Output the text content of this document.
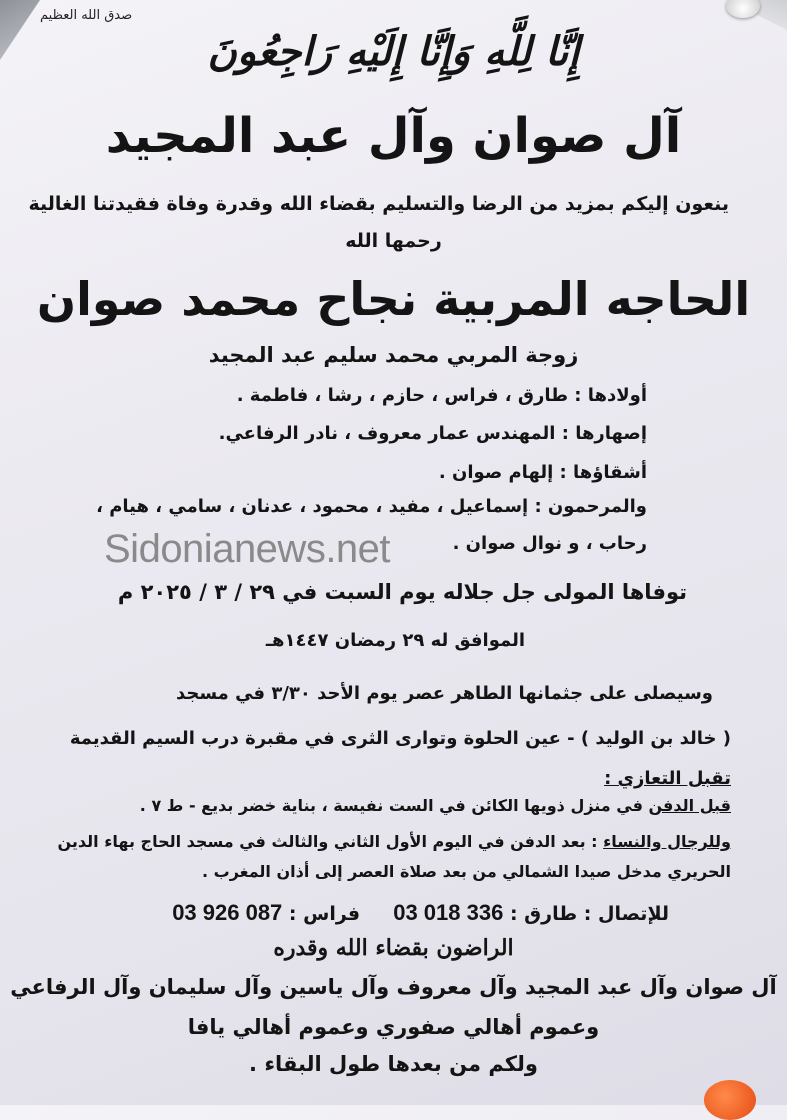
صدق الله العظيم
إِنَّا لِلَّهِ وَإِنَّا إِلَيْهِ رَاجِعُونَ
آل صوان وآل عبد المجيد
ينعون إليكم بمزيد من الرضا والتسليم بقضاء الله وقدرة وفاة فقيدتنا الغالية
رحمها الله
الحاجه المربية نجاح محمد صوان
زوجة المربي محمد سليم عبد المجيد
أولادها : طارق ، فراس ، حازم ، رشا ، فاطمة .
إصهارها : المهندس عمار معروف ، نادر الرفاعي.
أشقاؤها : إلهام صوان .
والمرحمون : إسماعيل ، مفيد ، محمود ، عدنان ، سامي ، هيام ،
رحاب ، و نوال صوان .
Sidonianews.net
توفاها المولى جل جلاله يوم السبت في ٢٩ / ٣ / ٢٠٢٥ م
الموافق له ٢٩ رمضان ١٤٤٧هـ
وسيصلى على جثمانها الطاهر عصر يوم الأحد ٣/٣٠ في مسجد
( خالد بن الوليد ) - عين الحلوة وتوارى الثرى في مقبرة درب السيم القديمة
تقبل التعازي :
قبل الدفن في منزل ذويها الكائن في الست نفيسة ، بناية خضر بديع - ط ٧ .
وللرجال والنساء : بعد الدفن في اليوم الأول الثاني والثالث في مسجد الحاج بهاء الدين
الحريري مدخل صيدا الشمالي من بعد صلاة العصر إلى أذان المغرب .
للإتصال : طارق : 03 018 336     فراس : 03 926 087
الراضون بقضاء الله وقدره
آل صوان وآل عبد المجيد وآل معروف وآل ياسين وآل سليمان وآل الرفاعي
وعموم أهالي صفوري وعموم أهالي يافا
ولكم من بعدها طول البقاء .
